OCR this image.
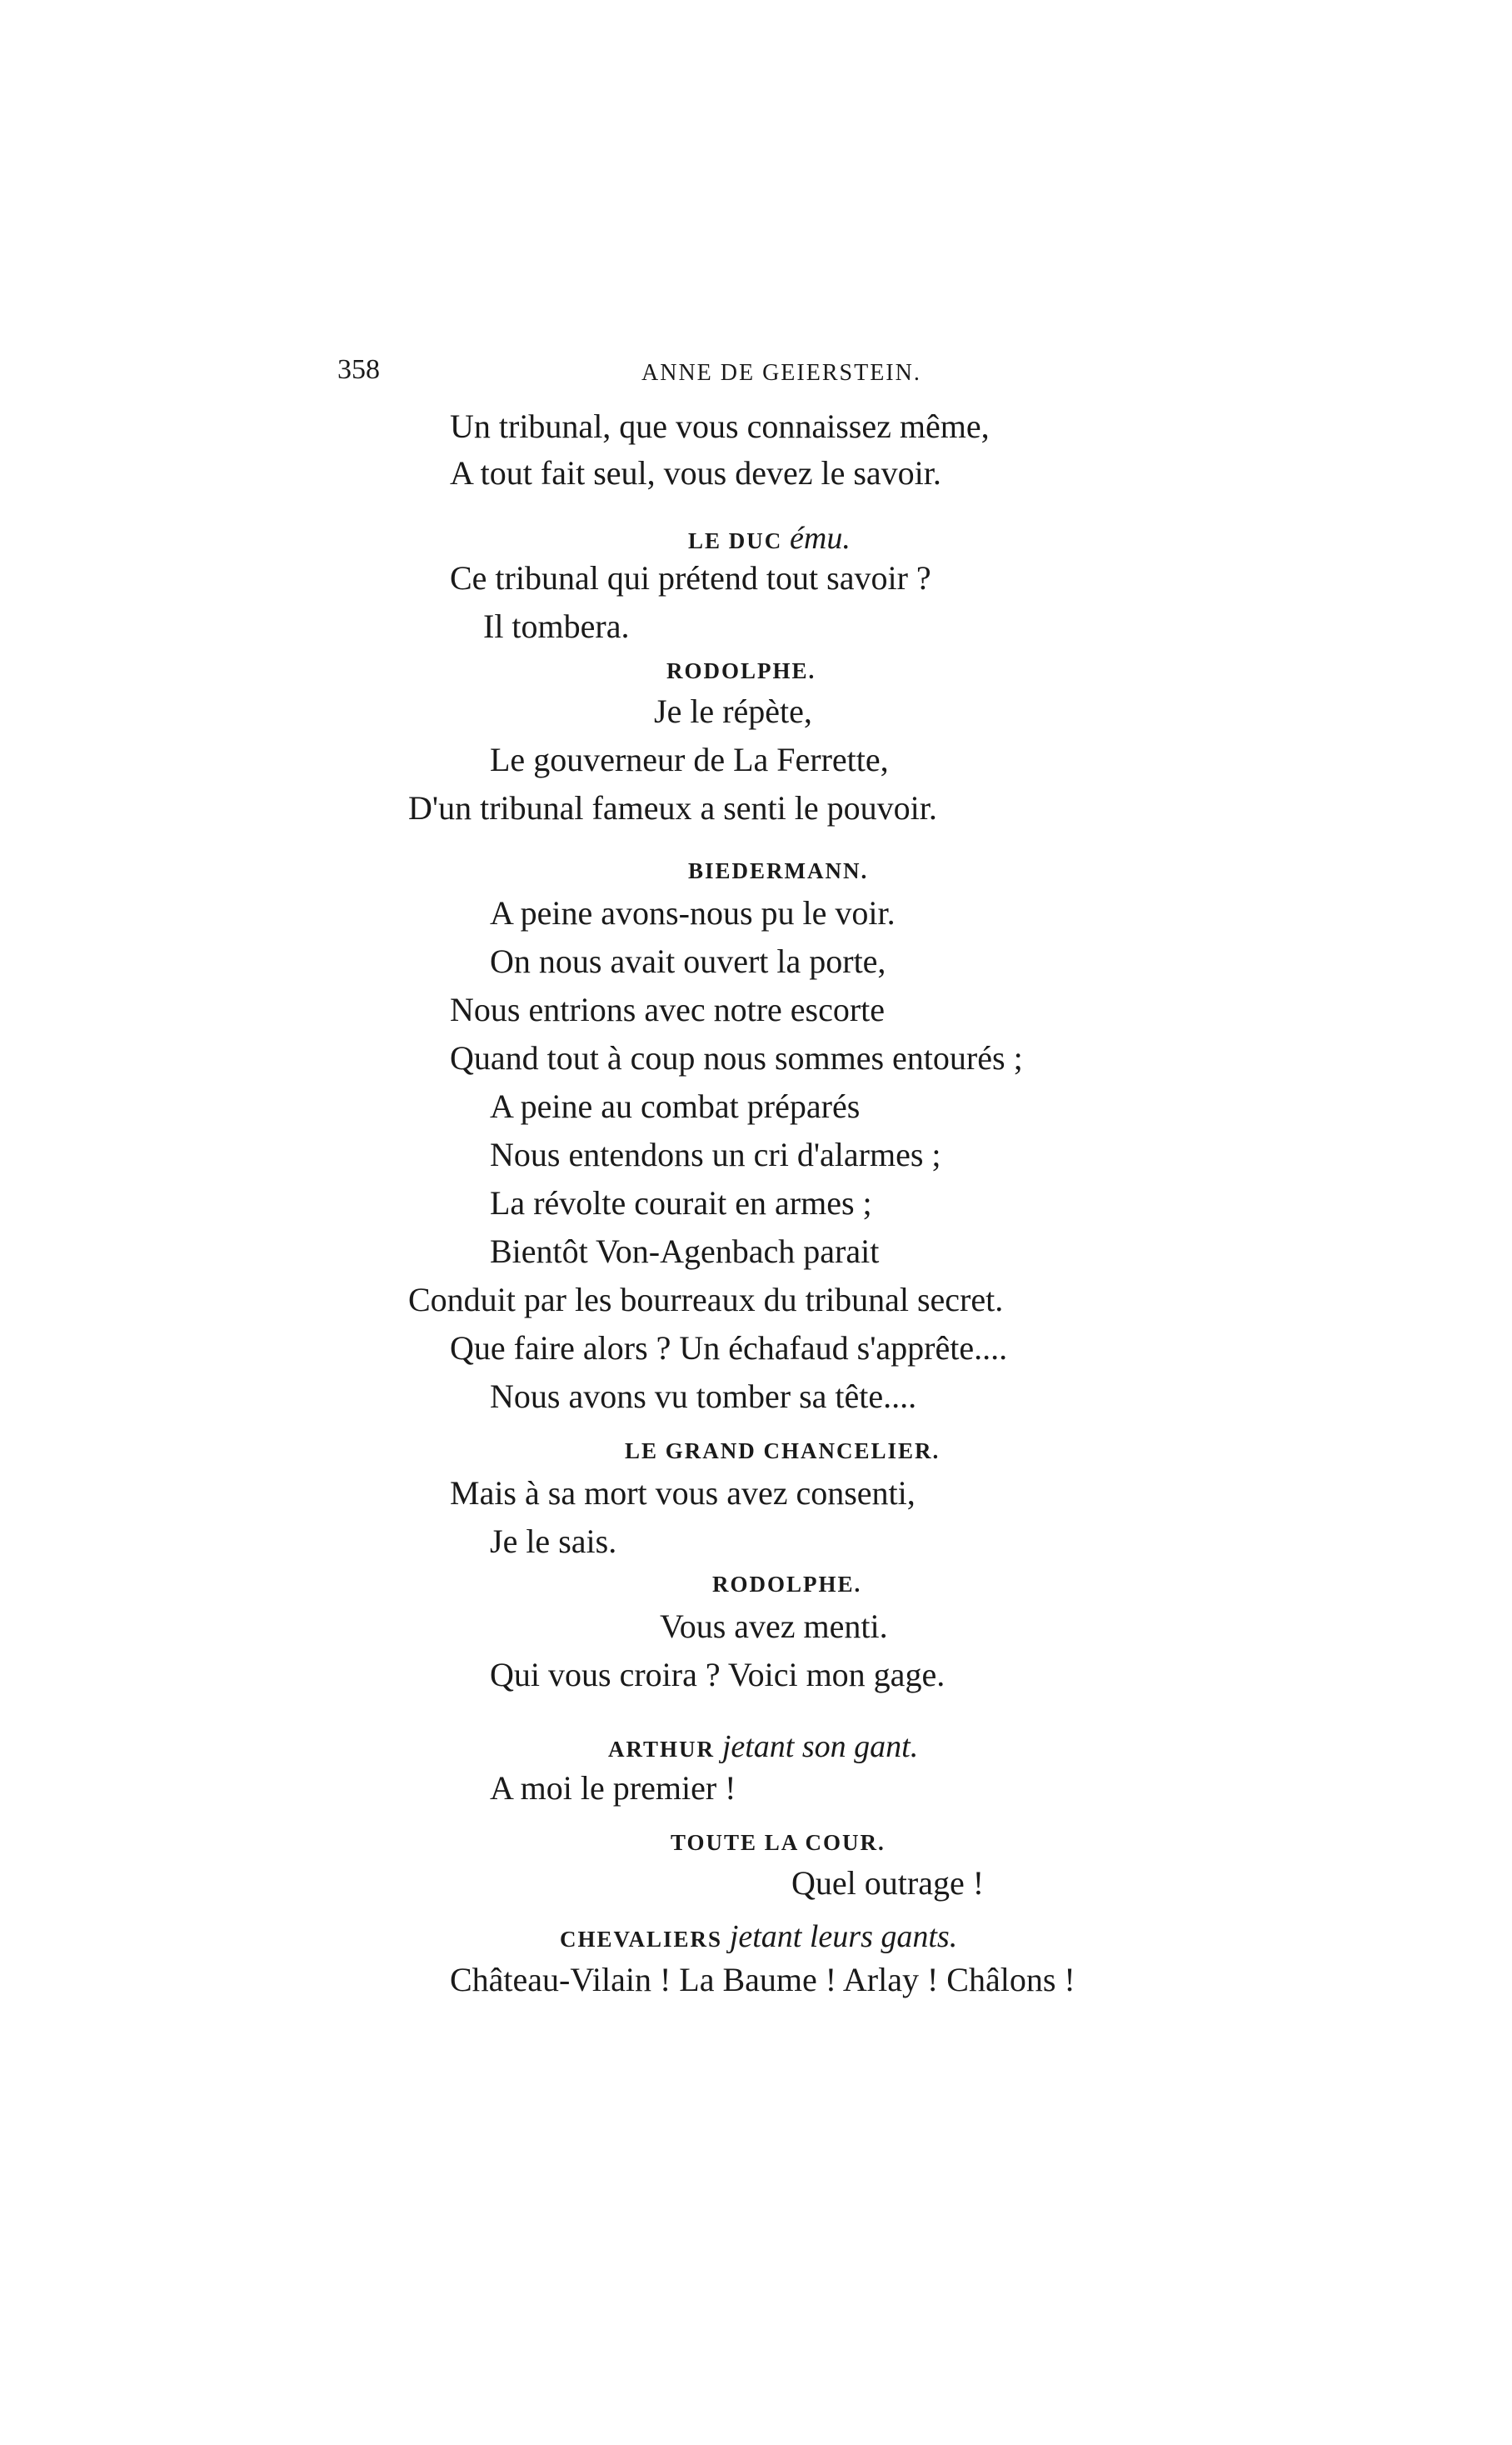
358	ANNE DE GEIERSTEIN.
Un tribunal, que vous connaissez même,
A tout fait seul, vous devez le savoir.
LE DUC ému.
Ce tribunal qui prétend tout savoir ?
Il tombera.
RODOLPHE.
Je le répète,
Le gouverneur de La Ferrette,
D'un tribunal fameux a senti le pouvoir.
BIEDERMANN.
A peine avons-nous pu le voir.
On nous avait ouvert la porte,
Nous entrions avec notre escorte
Quand tout à coup nous sommes entourés ;
A peine au combat préparés
Nous entendons un cri d'alarmes ;
La révolte courait en armes ;
Bientôt Von-Agenbach parait
Conduit par les bourreaux du tribunal secret.
Que faire alors ? Un échafaud s'apprête....
Nous avons vu tomber sa tête....
LE GRAND CHANCELIER.
Mais à sa mort vous avez consenti,
Je le sais.
RODOLPHE.
Vous avez menti.
Qui vous croira ? Voici mon gage.
ARTHUR jetant son gant.
A moi le premier !
TOUTE LA COUR.
Quel outrage !
CHEVALIERS jetant leurs gants.
Château-Vilain ! La Baume ! Arlay ! Châlons !
